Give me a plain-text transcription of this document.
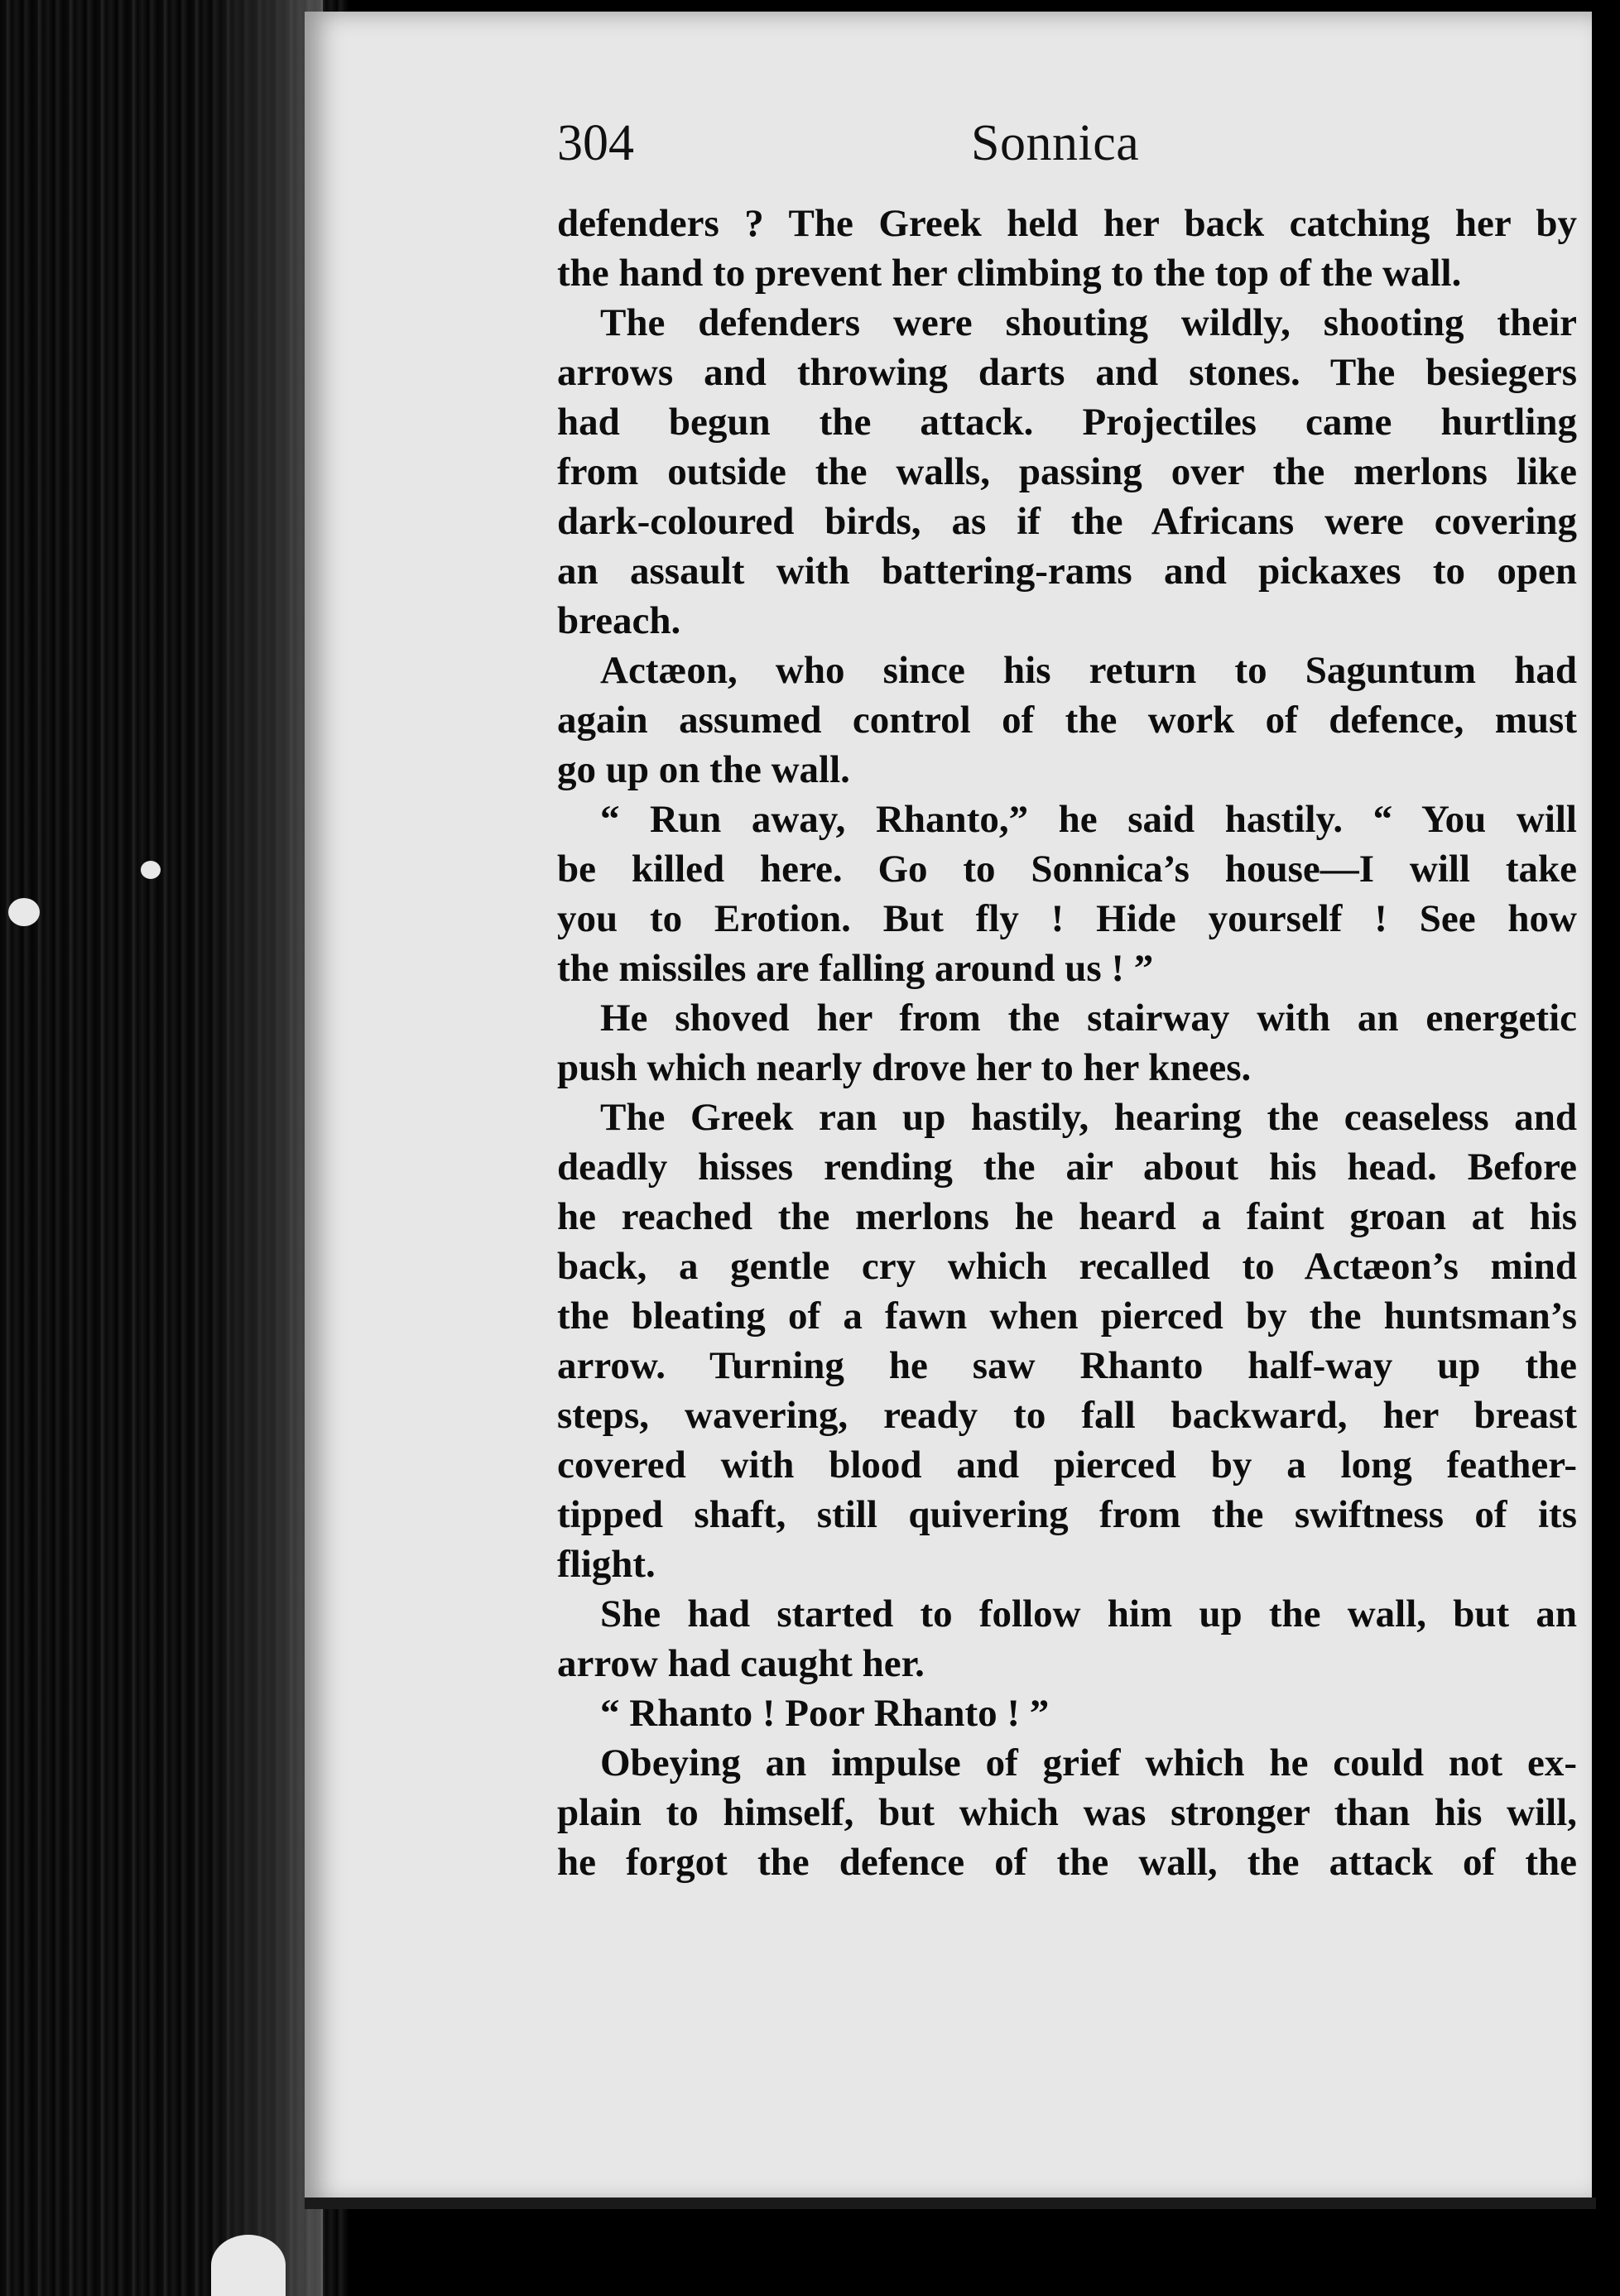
304	Sonnica
defenders ? The Greek held her back catching her by
the hand to prevent her climbing to the top of the wall.
The defenders were shouting wildly, shooting their
arrows and throwing darts and stones. The besiegers
had begun the attack. Projectiles came hurtling
from outside the walls, passing over the merlons like
dark-coloured birds, as if the Africans were covering
an assault with battering-rams and pickaxes to open
breach.
Actæon, who since his return to Saguntum had
again assumed control of the work of defence, must
go up on the wall.
“ Run away, Rhanto,” he said hastily. “ You will
be killed here. Go to Sonnica’s house—I will take
you to Erotion. But fly ! Hide yourself ! See how
the missiles are falling around us ! ”
He shoved her from the stairway with an energetic
push which nearly drove her to her knees.
The Greek ran up hastily, hearing the ceaseless and
deadly hisses rending the air about his head. Before
he reached the merlons he heard a faint groan at his
back, a gentle cry which recalled to Actæon’s mind
the bleating of a fawn when pierced by the huntsman’s
arrow. Turning he saw Rhanto half-way up the
steps, wavering, ready to fall backward, her breast
covered with blood and pierced by a long feather-
tipped shaft, still quivering from the swiftness of its
flight.
She had started to follow him up the wall, but an
arrow had caught her.
“ Rhanto ! Poor Rhanto ! ”
Obeying an impulse of grief which he could not ex-
plain to himself, but which was stronger than his will,
he forgot the defence of the wall, the attack of the
